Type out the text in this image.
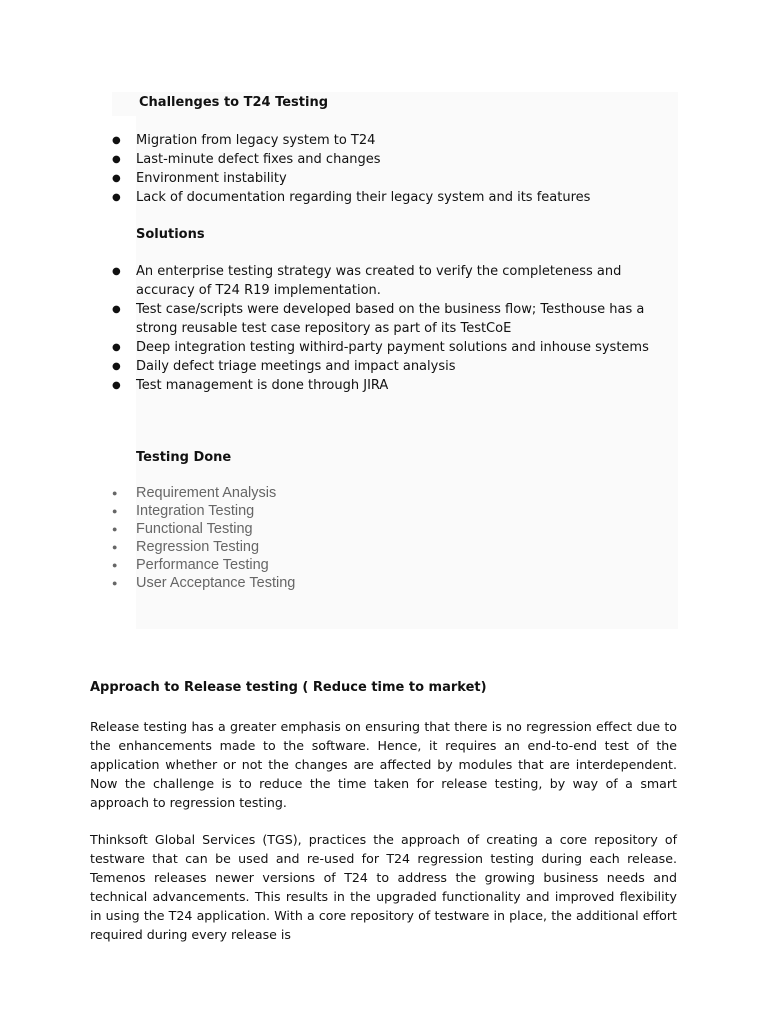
Challenges to T24 Testing
●	Migration from legacy system to T24
●	Last-minute defect fixes and changes
●	Environment instability
●	Lack of documentation regarding their legacy system and its features
Solutions
●	An enterprise testing strategy was created to verify the completeness and accuracy of T24 R19 implementation.
●	Test case/scripts were developed based on the business flow; Testhouse has a strong reusable test case repository as part of its TestCoE
●	Deep integration testing withird-party payment solutions and inhouse systems
●	Daily defect triage meetings and impact analysis
●	Test management is done through JIRA
Testing Done
●	Requirement Analysis
●	Integration Testing
●	Functional Testing
●	Regression Testing
●	Performance Testing
●	User Acceptance Testing
Approach to Release testing ( Reduce time to market)

Release testing has a greater emphasis on ensuring that there is no regression effect due to the enhancements made to the software. Hence, it requires an end-to-end test of the application whether or not the changes are affected by modules that are interdependent. Now the challenge is to reduce the time taken for release testing, by way of a smart approach to regression testing.

Thinksoft Global Services (TGS), practices the approach of creating a core repository of testware that can be used and re-used for T24 regression testing during each release. Temenos releases newer versions of T24 to address the growing business needs and technical advancements. This results in the upgraded functionality and improved flexibility in using the T24 application. With a core repository of testware in place, the additional effort required during every release is
